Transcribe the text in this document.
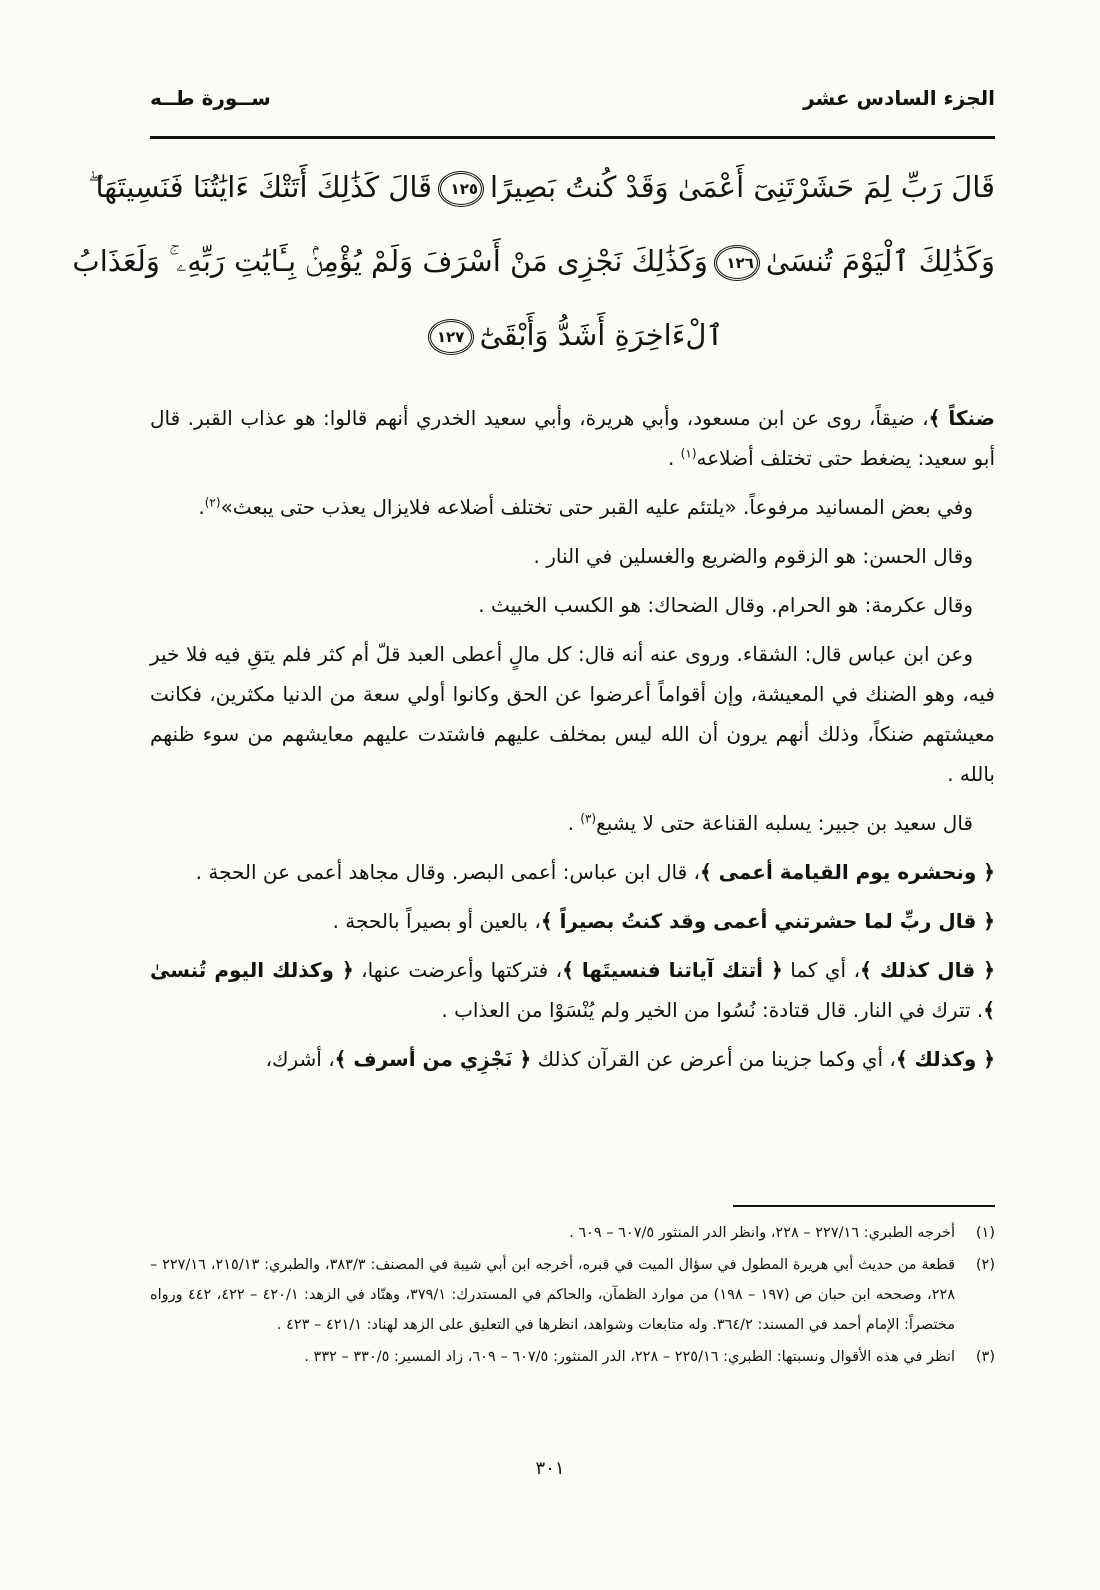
الجزء السادس عشر
ســورة طــه
قَالَ رَبِّ لِمَ حَشَرْتَنِىٓ أَعْمَىٰ وَقَدْ كُنتُ بَصِيرًا١٢٥قَالَ كَذَٰلِكَ أَتَتْكَ ءَايَٰتُنَا فَنَسِيتَهَا ۖ
وَكَذَٰلِكَ ٱلْيَوْمَ تُنسَىٰ١٢٦وَكَذَٰلِكَ نَجْزِى مَنْ أَسْرَفَ وَلَمْ يُؤْمِنۢ بِـَٔايَٰتِ رَبِّهِۦ ۚ وَلَعَذَابُ
ٱلْءَاخِرَةِ أَشَدُّ وَأَبْقَىٰٓ١٢٧

ضنكاً ﴾، ضيقاً، روى عن ابن مسعود، وأبي هريرة، وأبي سعيد الخدري أنهم قالوا: هو عذاب القبر. قال أبو سعيد: يضغط حتى تختلف أضلاعه$^{(١)}$ .

وفي بعض المسانيد مرفوعاً. «يلتئم عليه القبر حتى تختلف أضلاعه فلايزال يعذب حتى يبعث»$^{(٢)}$.

وقال الحسن: هو الزقوم والضريع والغسلين في النار .

وقال عكرمة: هو الحرام. وقال الضحاك: هو الكسب الخبيث .

وعن ابن عباس قال: الشقاء. وروى عنه أنه قال: كل مالٍ أعطى العبد قلّ أم كثر فلم يتقِ فيه فلا خير فيه، وهو الضنك في المعيشة، وإن أقواماً أعرضوا عن الحق وكانوا أولي سعة من الدنيا مكثرين، فكانت معيشتهم ضنكاً، وذلك أنهم يرون أن الله ليس بمخلف عليهم فاشتدت عليهم معايشهم من سوء ظنهم بالله .

قال سعيد بن جبير: يسلبه القناعة حتى لا يشبع$^{(٣)}$ .

﴿ ونحشره يوم القيامة أعمى ﴾، قال ابن عباس: أعمى البصر. وقال مجاهد أعمى عن الحجة .

﴿ قال ربِّ لما حشرتني أعمى وقد كنتُ بصيراً ﴾، بالعين أو بصيراً بالحجة .

﴿ قال كذلك ﴾، أي كما ﴿ أتتك آياتنا فنسيتَها ﴾، فتركتها وأعرضت عنها، ﴿ وكذلك اليوم تُنسىٰ ﴾. تترك في النار. قال قتادة: نُسُوا من الخير ولم يُنْسَوْا من العذاب .

﴿ وكذلك ﴾، أي وكما جزينا من أعرض عن القرآن كذلك ﴿ نَجْزِي من أسرف ﴾، أشرك،

(١)
أخرجه الطبري: ٢٢٧/١٦ – ٢٢٨، وانظر الدر المنثور ٦٠٧/٥ – ٦٠٩ .
(٢)
قطعة من حديث أبي هريرة المطول في سؤال الميت في قبره، أخرجه ابن أبي شيبة في المصنف: ٣٨٣/٣، والطبري: ٢١٥/١٣، ٢٢٧/١٦ – ٢٢٨، وصححه ابن حبان ص (١٩٧ – ١٩٨) من موارد الظمآن، والحاكم في المستدرك: ٣٧٩/١، وهنّاد في الزهد: ٤٢٠/١ – ٤٢٢، ٤٤٢ ورواه مختصراً: الإمام أحمد في المسند: ٣٦٤/٢. وله متابعات وشواهد، انظرها في التعليق على الزهد لهناد: ٤٢١/١ – ٤٢٣ .
(٣)
انظر في هذه الأقوال ونسبتها: الطبري: ٢٢٥/١٦ – ٢٢٨، الدر المنثور: ٦٠٧/٥ – ٦٠٩، زاد المسير: ٣٣٠/٥ – ٣٣٢ .
٣٠١
